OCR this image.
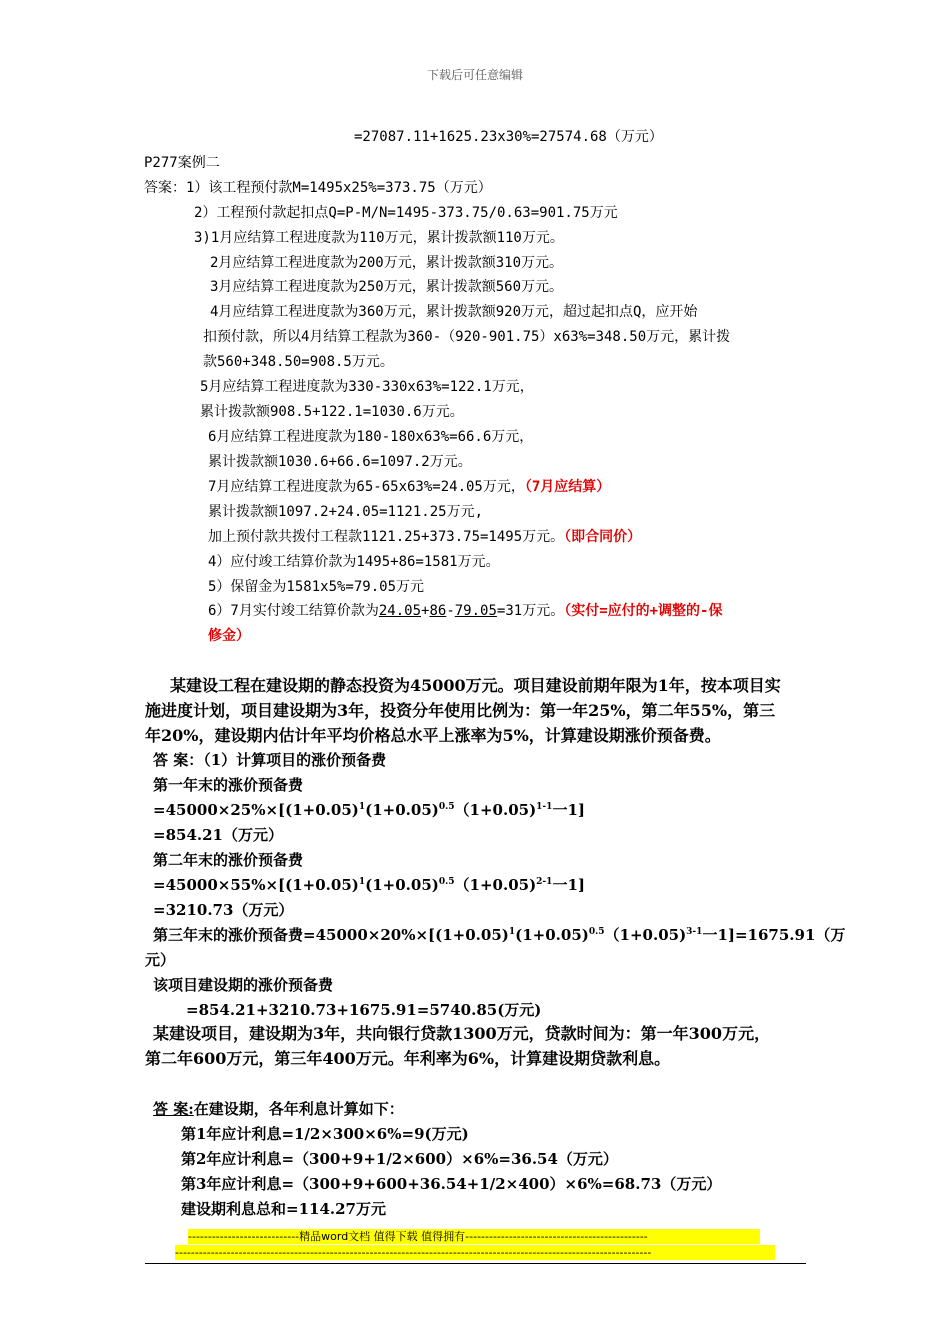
下载后可任意编辑
=27087.11+1625.23x30%=27574.68（万元）
P277案例二
答案：1）该工程预付款M=1495x25%=373.75（万元）
2）工程预付款起扣点Q=P-M/N=1495-373.75/0.63=901.75万元
3)1月应结算工程进度款为110万元，累计拨款额110万元。
2月应结算工程进度款为200万元，累计拨款额310万元。
3月应结算工程进度款为250万元，累计拨款额560万元。
4月应结算工程进度款为360万元，累计拨款额920万元，超过起扣点Q，应开始
扣预付款，所以4月结算工程款为360-（920-901.75）x63%=348.50万元，累计拨
款560+348.50=908.5万元。
5月应结算工程进度款为330-330x63%=122.1万元，
累计拨款额908.5+122.1=1030.6万元。
6月应结算工程进度款为180-180x63%=66.6万元，
累计拨款额1030.6+66.6=1097.2万元。
7月应结算工程进度款为65-65x63%=24.05万元，（7月应结算）
累计拨款额1097.2+24.05=1121.25万元,
加上预付款共拨付工程款1121.25+373.75=1495万元。（即合同价）
4）应付竣工结算价款为1495+86=1581万元。
5）保留金为1581x5%=79.05万元
6）7月实付竣工结算价款为24.05+86-79.05=31万元。（实付=应付的+调整的-保
修金）
某建设工程在建设期的静态投资为45000万元。项目建设前期年限为1年，按本项目实
施进度计划，项目建设期为3年，投资分年使用比例为：第一年25%，第二年55%，第三
年20%，建设期内估计年平均价格总水平上涨率为5%，计算建设期涨价预备费。
答 案：（1）计算项目的涨价预备费
第一年末的涨价预备费
$=45000\times 25\%\times[(1+0.05)^1(1+0.05)^{0.5}(1+0.05)^{1-1}$一1]
=854.21（万元）
第二年末的涨价预备费
$=45000\times 55\%\times[(1+0.05)^1(1+0.05)^{0.5}(1+0.05)^{2-1}$一1]
=3210.73（万元）
第三年末的涨价预备费$=45000\times 20\%\times[(1+0.05)^1(1+0.05)^{0.5}(1+0.05)^{3-1}$一1]=1675.91（万
元）
该项目建设期的涨价预备费
=854.21+3210.73+1675.91=5740.85(万元)
某建设项目，建设期为3年，共向银行贷款1300万元，贷款时间为：第一年300万元，
第二年600万元，第三年400万元。年利率为6%，计算建设期贷款利息。
答 案:在建设期，各年利息计算如下：
第1年应计利息=1/2×300×6%=9(万元)
第2年应计利息=（300+9+1/2×600）×6%=36.54（万元）
第3年应计利息=（300+9+600+36.54+1/2×400）×6%=68.73（万元）
建设期利息总和=114.27万元
----------------------------精品word文档 值得下载 值得拥有----------------------------------------------
------------------------------------------------------------------------------------------------------------------------
